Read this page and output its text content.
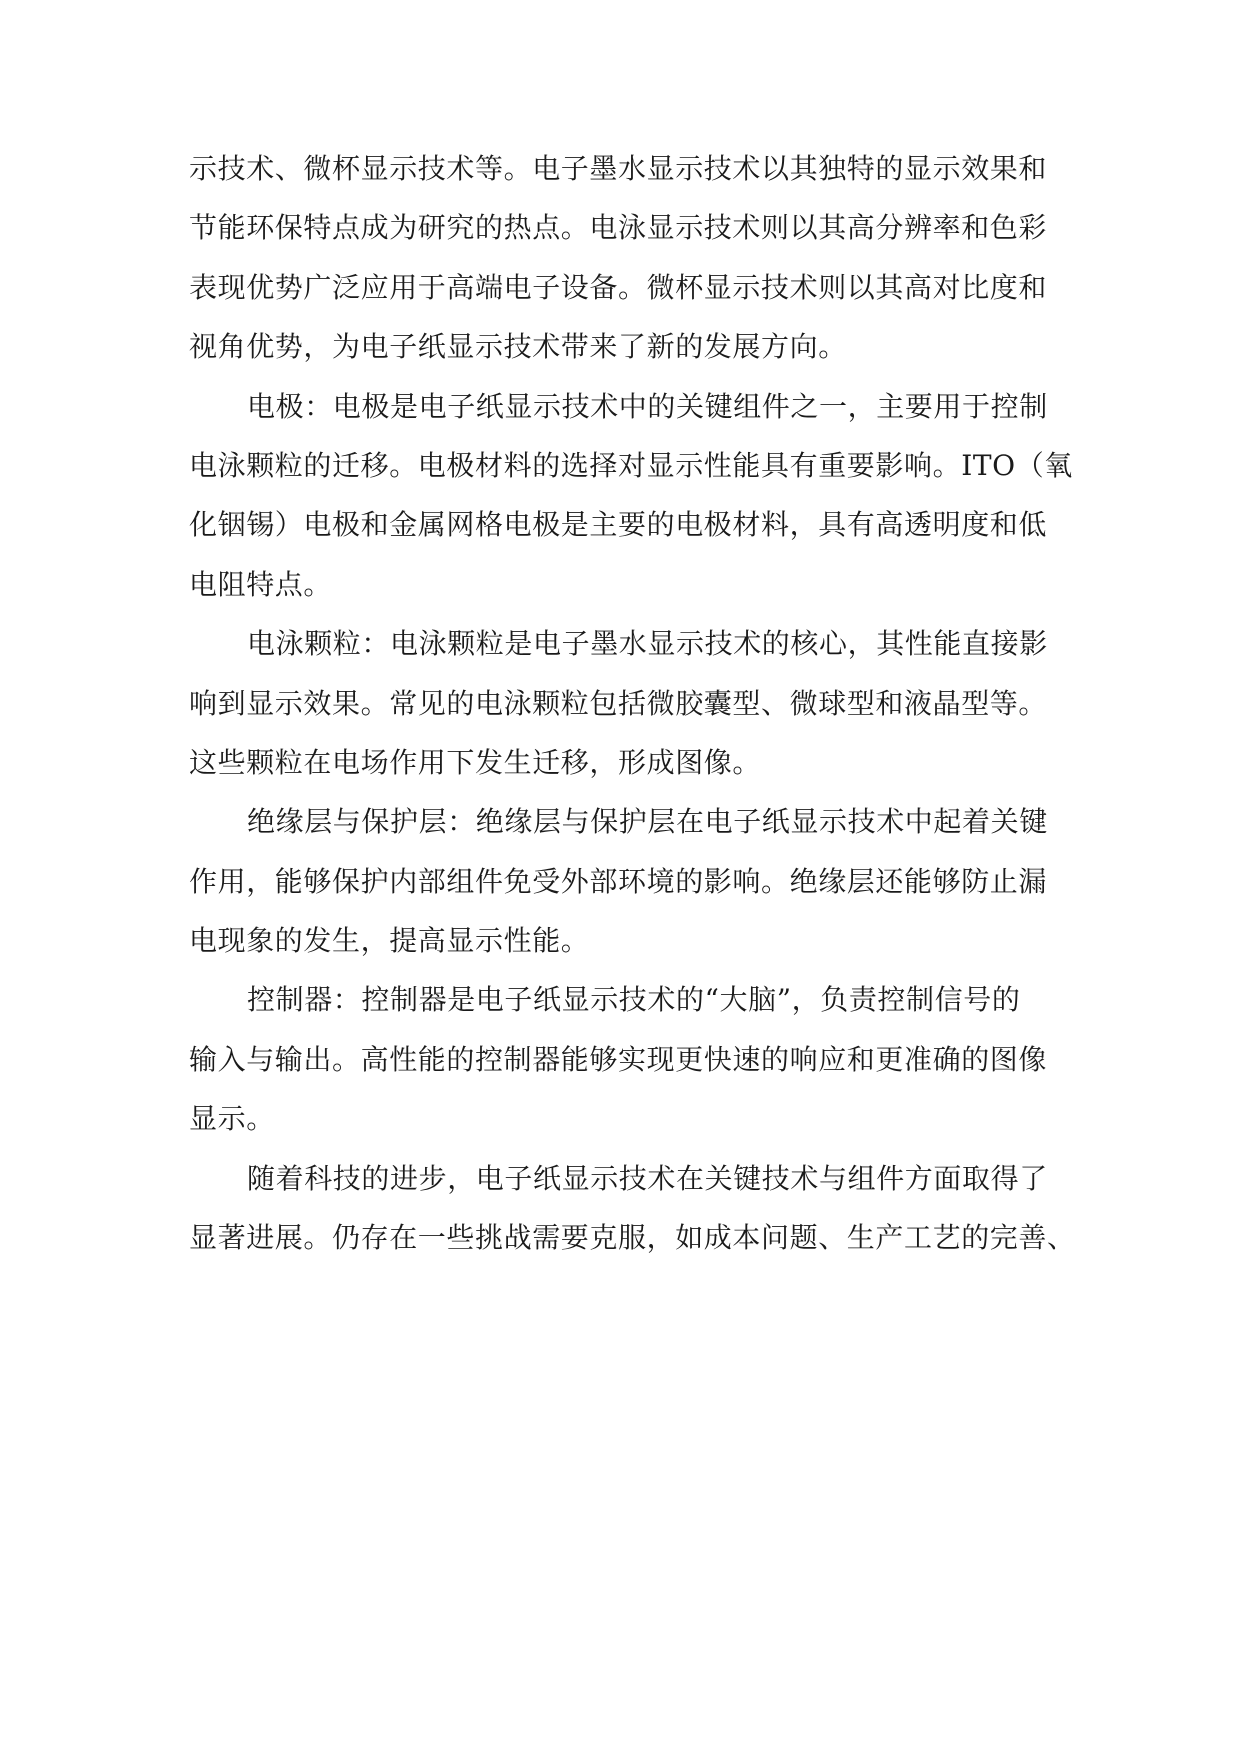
示技术、微杯显示技术等。电子墨水显示技术以其独特的显示效果和
节能环保特点成为研究的热点。电泳显示技术则以其高分辨率和色彩
表现优势广泛应用于高端电子设备。微杯显示技术则以其高对比度和
视角优势，为电子纸显示技术带来了新的发展方向。
电极：电极是电子纸显示技术中的关键组件之一，主要用于控制
电泳颗粒的迁移。电极材料的选择对显示性能具有重要影响。ITO（氧
化铟锡）电极和金属网格电极是主要的电极材料，具有高透明度和低
电阻特点。
电泳颗粒：电泳颗粒是电子墨水显示技术的核心，其性能直接影
响到显示效果。常见的电泳颗粒包括微胶囊型、微球型和液晶型等。
这些颗粒在电场作用下发生迁移，形成图像。
绝缘层与保护层：绝缘层与保护层在电子纸显示技术中起着关键
作用，能够保护内部组件免受外部环境的影响。绝缘层还能够防止漏
电现象的发生，提高显示性能。
控制器：控制器是电子纸显示技术的“大脑”，负责控制信号的
输入与输出。高性能的控制器能够实现更快速的响应和更准确的图像
显示。
随着科技的进步，电子纸显示技术在关键技术与组件方面取得了
显著进展。仍存在一些挑战需要克服，如成本问题、生产工艺的完善、
